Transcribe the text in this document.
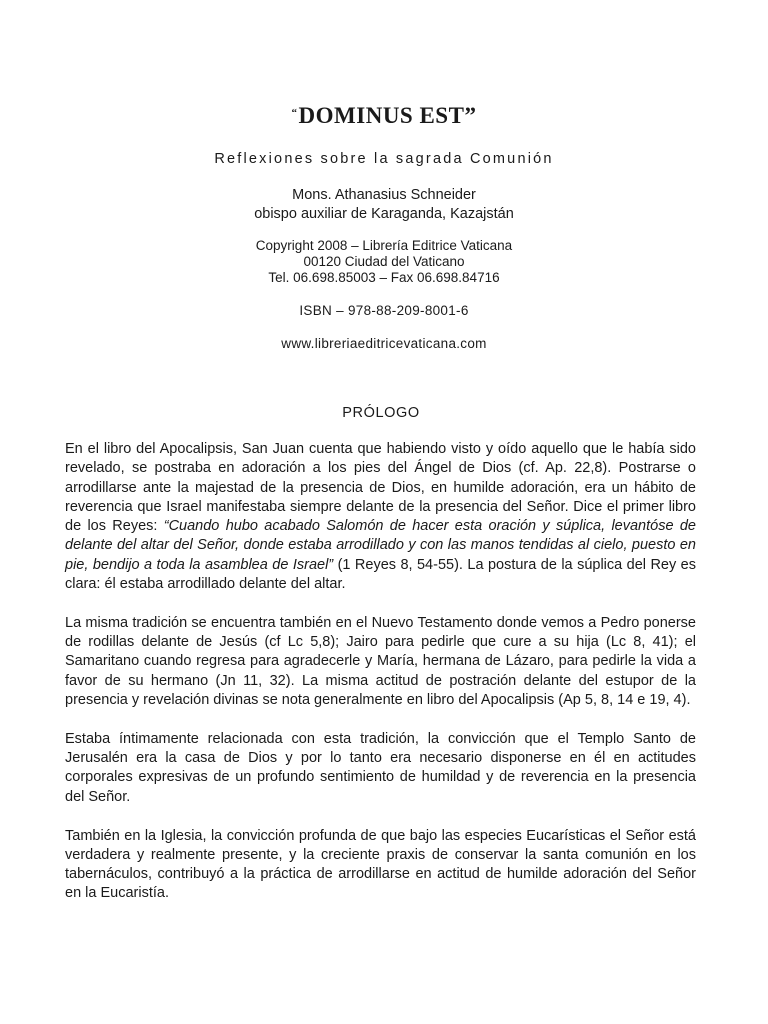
“DOMINUS EST”
Reflexiones sobre la sagrada Comunión
Mons. Athanasius Schneider
obispo auxiliar de Karaganda, Kazajstán
Copyright 2008 – Librería Editrice Vaticana
00120 Ciudad del Vaticano
Tel. 06.698.85003 – Fax 06.698.84716
ISBN – 978-88-209-8001-6
www.libreriaeditricevaticana.com
PRÓLOGO

En el libro del Apocalipsis, San Juan cuenta que habiendo visto y oído aquello que le había sido revelado, se postraba en adoración a los pies del Ángel de Dios (cf. Ap. 22,8). Postrarse o arrodillarse ante la majestad de la presencia de Dios, en humilde adoración, era un hábito de reverencia que Israel manifestaba siempre delante de la presencia del Señor. Dice el primer libro de los Reyes: “Cuando hubo acabado Salomón de hacer esta oración y súplica, levantóse de delante del altar del Señor, donde estaba arrodillado y con las manos tendidas al cielo, puesto en pie, bendijo a toda la asamblea de Israel” (1 Reyes 8, 54-55). La postura de la súplica del Rey es clara: él estaba arrodillado delante del altar.

La misma tradición se encuentra también en el Nuevo Testamento donde vemos a Pedro ponerse de rodillas delante de Jesús (cf Lc 5,8); Jairo para pedirle que cure a su hija (Lc 8, 41); el Samaritano cuando regresa para agradecerle y María, hermana de Lázaro, para pedirle la vida a favor de su hermano (Jn 11, 32). La misma actitud de postración delante del estupor de la presencia y revelación divinas se nota generalmente en libro del Apocalipsis (Ap 5, 8, 14 e 19, 4).

Estaba íntimamente relacionada con esta tradición, la convicción que el Templo Santo de Jerusalén era la casa de Dios y por lo tanto era necesario disponerse en él en actitudes corporales expresivas de un profundo sentimiento de humildad y de reverencia en la presencia del Señor.

También en la Iglesia, la convicción profunda de que bajo las especies Eucarísticas el Señor está verdadera y realmente presente, y la creciente praxis de conservar la santa comunión en los tabernáculos, contribuyó a la práctica de arrodillarse en actitud de humilde adoración del Señor en la Eucaristía.
